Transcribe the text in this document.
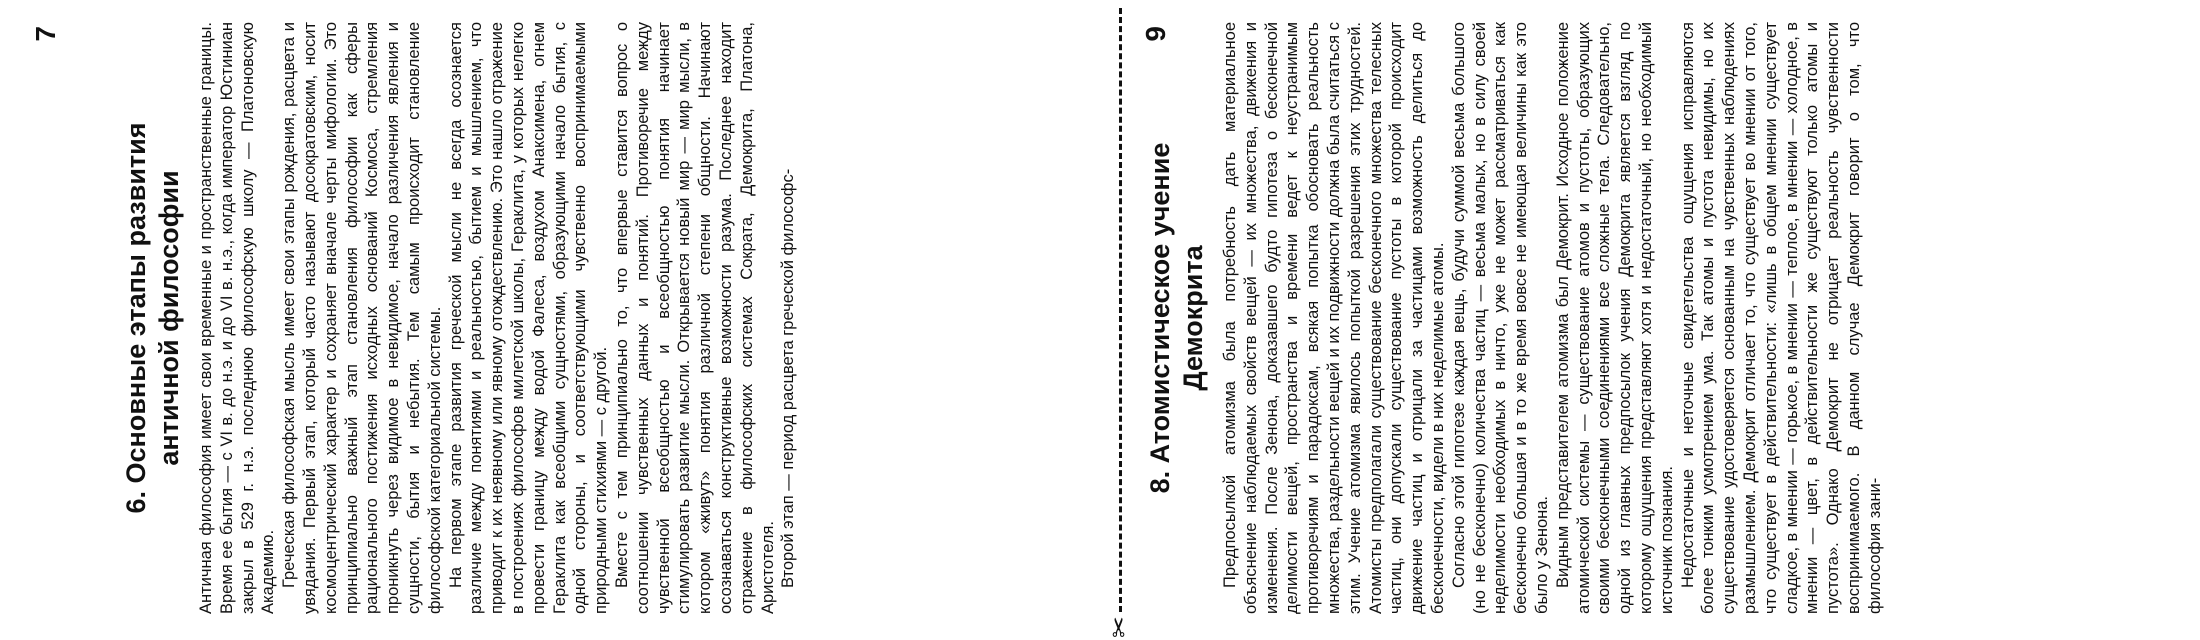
6. Основные этапы развития античной философии
7	Античная философия имеет свои временные и пространственные границы. Время ее бытия — с VI в. до н.э. и до VI в. н.э., когда император Юстиниан закрыл в 529 г. н.э. последнюю философскую школу — Платоновскую Академию. Греческая философская мысль имеет свои этапы рождения, расцвета и увядания. Первый этап, который часто называют досократовским, носит космоцентрический характер и сохраняет вначале черты мифологии. Это принципиально важный этап становления философии как сферы рационального постижения исходных оснований Космоса, стремления проникнуть через видимое в невидимое, начало различения явления и сущности, бытия и небытия. Тем самым происходит становление философской категориальной системы. На первом этапе развития греческой мысли не всегда осознается различие между понятиями и реальностью, бытием и мышлением, что приводит к их неявному или явному отождествлению. Это нашло отражение в построениях философов милетской школы, Гераклита, у которых нелегко провести границу между водой Фалеса, воздухом Анаксимена, огнем Гераклита как всеобщими сущностями, образующими начало бытия, с одной стороны, и соответствующими чувственно воспринимаемыми природными стихиями — с другой. Вместе с тем принципиально то, что впервые ставится вопрос о соотношении чувственных данных и понятий. Противоречие между чувственной всеобщностью и всеобщностью понятия начинает стимулировать развитие мысли. Открывается новый мир — мир мысли, в котором «живут» понятия различной степени общности. Начинают осознаваться конструктивные возможности разума. Последнее находит отражение в философских системах Сократа, Демокрита, Платона, Аристотеля. Второй этап — период расцвета греческой философс-

✂
8. Атомистическое учение Демокрита
9	Предпосылкой атомизма была потребность дать материальное объяснение наблюдаемых свойств вещей — их множества, движения и изменения. После Зенона, доказавшего будто гипотеза о бесконечной делимости вещей, пространства и времени ведет к неустранимым противоречиям и парадоксам, всякая попытка обосновать реальность множества, раздельности вещей и их подвижности должна была считаться с этим. Учение атомизма явилось попыткой разрешения этих трудностей. Атомисты предполагали существование бесконечного множества телесных частиц, они допускали существование пустоты в которой происходит движение частиц и отрицали за частицами возможность делиться до бесконечности, видели в них неделимые атомы. Согласно этой гипотезе каждая вещь, будучи суммой весьма большого (но не бесконечно) количества частиц — весьма малых, но в силу своей неделимости необходимых в ничто, уже не может рассматриваться как бесконечно большая и в то же время вовсе не имеющая величины как это было у Зенона. Видным представителем атомизма был Демокрит. Исходное положение атомической системы — существование атомов и пустоты, образующих своими бесконечными соединениями все сложные тела. Следовательно, одной из главных предпосылок учения Демокрита является взгляд по которому ощущения представляют хотя и недостаточный, но необходимый источник познания. Недостаточные и неточные свидетельства ощущения исправляются более тонким усмотрением ума. Так атомы и пустота невидимы, но их существование удостоверяется основанным на чувственных наблюдениях размышлением. Демокрит отличает то, что существует во мнении от того, что существует в действительности: «лишь в общем мнении существует сладкое, в мнении — горькое, в мнении — теплое, в мнении — холодное, в мнении — цвет, в действительности же существуют только атомы и пустота». Однако Демокрит не отрицает реальность чувственности воспринимаемого. В данном случае Демокрит говорит о том, что философия зани-
